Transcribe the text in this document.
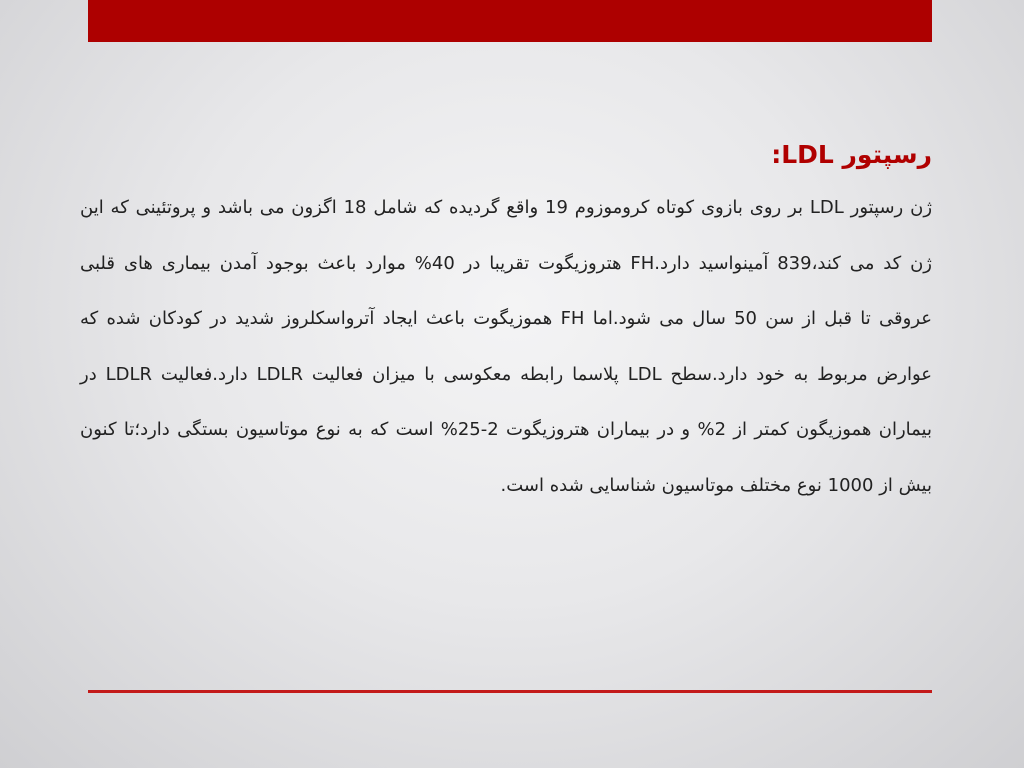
رسپتور LDL:

ژن رسپتور LDL بر روی بازوی کوتاه کروموزوم 19 واقع گردیده که شامل 18 اگزون می باشد و پروتئینی که این ژن کد می کند،839 آمینواسید دارد.FH هتروزیگوت تقریبا در 40% موارد باعث بوجود آمدن بیماری های قلبی عروقی تا قبل از سن 50 سال می شود.اما FH هموزیگوت باعث ایجاد آترواسکلروز شدید در کودکان شده که عوارض مربوط به خود دارد.سطح LDL پلاسما رابطه معکوسی با میزان فعالیت LDLR دارد.فعالیت LDLR در بیماران هموزیگون کمتر از 2% و در بیماران هتروزیگوت 2-25% است که به نوع موتاسیون بستگی دارد؛تا کنون بیش از 1000 نوع مختلف موتاسیون شناسایی شده است.
